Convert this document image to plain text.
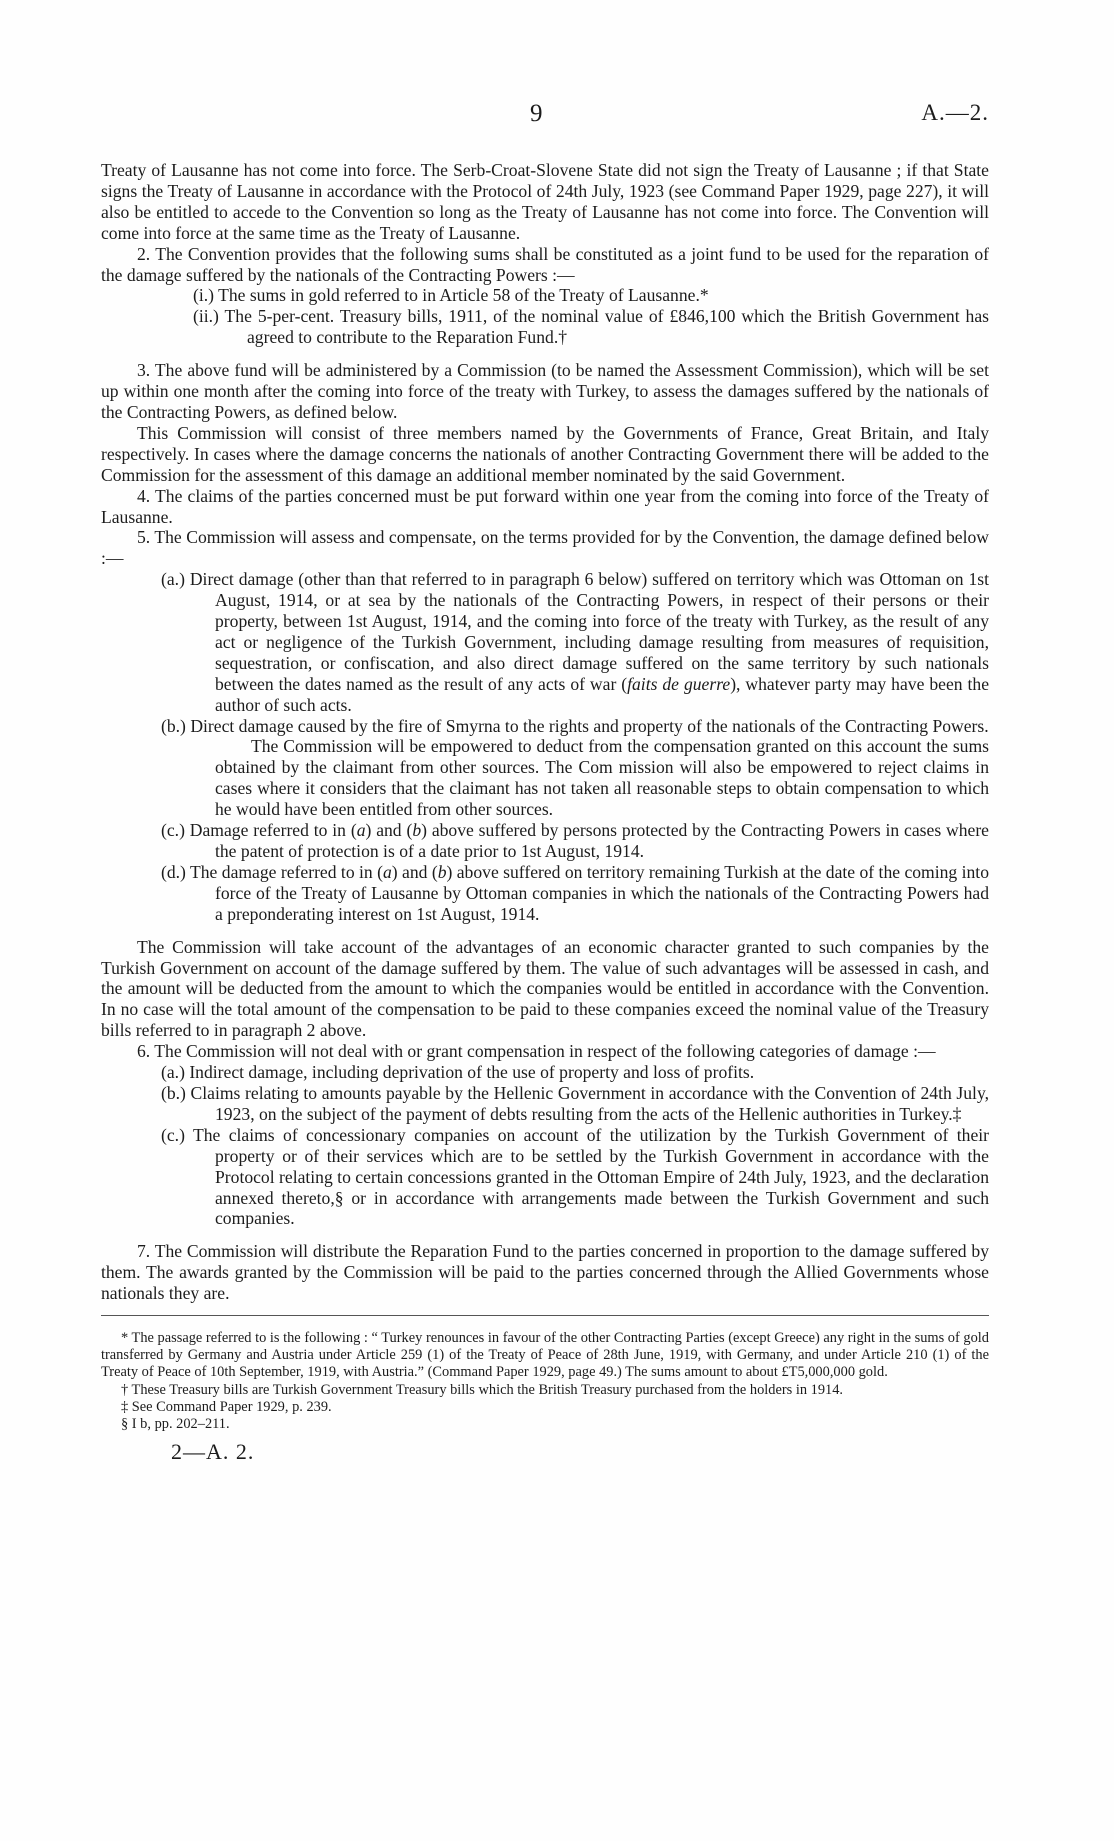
9	A.—2.

Treaty of Lausanne has not come into force. The Serb-Croat-Slovene State did not sign the Treaty of Lausanne ; if that State signs the Treaty of Lausanne in accordance with the Protocol of 24th July, 1923 (see Command Paper 1929, page 227), it will also be entitled to accede to the Convention so long as the Treaty of Lausanne has not come into force. The Convention will come into force at the same time as the Treaty of Lausanne.

2. The Convention provides that the following sums shall be constituted as a joint fund to be used for the reparation of the damage suffered by the nationals of the Contracting Powers :—

(i.) The sums in gold referred to in Article 58 of the Treaty of Lausanne.*

(ii.) The 5-per-cent. Treasury bills, 1911, of the nominal value of £846,100 which the British Government has agreed to contribute to the Reparation Fund.†

3. The above fund will be administered by a Commission (to be named the Assessment Commission), which will be set up within one month after the coming into force of the treaty with Turkey, to assess the damages suffered by the nationals of the Contracting Powers, as defined below.

This Commission will consist of three members named by the Governments of France, Great Britain, and Italy respectively. In cases where the damage concerns the nationals of another Contracting Government there will be added to the Commission for the assessment of this damage an additional member nominated by the said Government.

4. The claims of the parties concerned must be put forward within one year from the coming into force of the Treaty of Lausanne.

5. The Commission will assess and compensate, on the terms provided for by the Convention, the damage defined below :—

(a.) Direct damage (other than that referred to in paragraph 6 below) suffered on territory which was Ottoman on 1st August, 1914, or at sea by the nationals of the Contracting Powers, in respect of their persons or their property, between 1st August, 1914, and the coming into force of the treaty with Turkey, as the result of any act or negligence of the Turkish Government, including damage resulting from measures of requisition, sequestration, or confiscation, and also direct damage suffered on the same territory by such nationals between the dates named as the result of any acts of war (faits de guerre), whatever party may have been the author of such acts.

(b.) Direct damage caused by the fire of Smyrna to the rights and property of the nationals of the Contracting Powers.

The Commission will be empowered to deduct from the compensation granted on this account the sums obtained by the claimant from other sources. The Com mission will also be empowered to reject claims in cases where it considers that the claimant has not taken all reasonable steps to obtain compensation to which he would have been entitled from other sources.

(c.) Damage referred to in (a) and (b) above suffered by persons protected by the Contracting Powers in cases where the patent of protection is of a date prior to 1st August, 1914.

(d.) The damage referred to in (a) and (b) above suffered on territory remaining Turkish at the date of the coming into force of the Treaty of Lausanne by Ottoman companies in which the nationals of the Contracting Powers had a preponderating interest on 1st August, 1914.

The Commission will take account of the advantages of an economic character granted to such companies by the Turkish Government on account of the damage suffered by them. The value of such advantages will be assessed in cash, and the amount will be deducted from the amount to which the companies would be entitled in accordance with the Convention. In no case will the total amount of the compensation to be paid to these companies exceed the nominal value of the Treasury bills referred to in paragraph 2 above.

6. The Commission will not deal with or grant compensation in respect of the following categories of damage :—

(a.) Indirect damage, including deprivation of the use of property and loss of profits.

(b.) Claims relating to amounts payable by the Hellenic Government in accordance with the Convention of 24th July, 1923, on the subject of the payment of debts resulting from the acts of the Hellenic authorities in Turkey.‡

(c.) The claims of concessionary companies on account of the utilization by the Turkish Government of their property or of their services which are to be settled by the Turkish Government in accordance with the Protocol relating to certain concessions granted in the Ottoman Empire of 24th July, 1923, and the declaration annexed thereto,§ or in accordance with arrangements made between the Turkish Government and such companies.

7. The Commission will distribute the Reparation Fund to the parties concerned in proportion to the damage suffered by them. The awards granted by the Commission will be paid to the parties concerned through the Allied Governments whose nationals they are.

* The passage referred to is the following : “ Turkey renounces in favour of the other Contracting Parties (except Greece) any right in the sums of gold transferred by Germany and Austria under Article 259 (1) of the Treaty of Peace of 28th June, 1919, with Germany, and under Article 210 (1) of the Treaty of Peace of 10th September, 1919, with Austria.” (Command Paper 1929, page 49.) The sums amount to about £T5,000,000 gold.

† These Treasury bills are Turkish Government Treasury bills which the British Treasury purchased from the holders in 1914.

‡ See Command Paper 1929, p. 239.

§ I b, pp. 202–211.

2—A. 2.
